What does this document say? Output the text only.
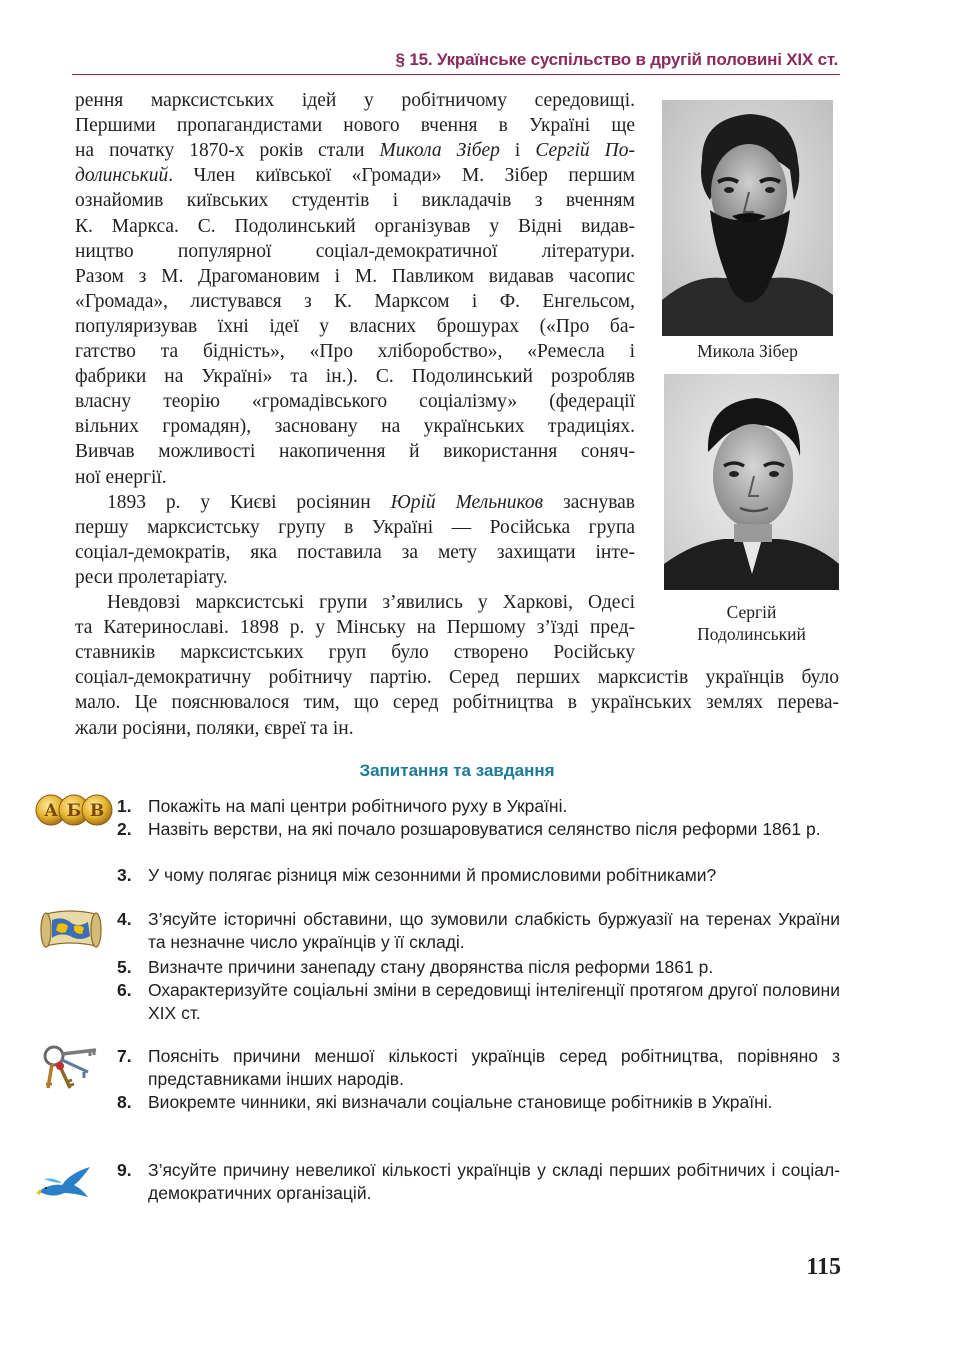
§ 15. Українське суспільство в другій половині XIX ст.
рення марксистських ідей у робітничому середовищі.
Першими пропагандистами нового вчення в Україні ще
на початку 1870-х років стали Микола Зібер і Сергій По-
долинський. Член київської «Громади» М. Зібер першим
ознайомив київських студентів і викладачів з вченням
К. Маркса. С. Подолинський організував у Відні видав-
ництво популярної соціал-демократичної літератури.
Разом з М. Драгомановим і М. Павликом видавав часопис
«Громада», листувався з К. Марксом і Ф. Енгельсом,
популяризував їхні ідеї у власних брошурах («Про ба-
гатство та бідність», «Про хліборобство», «Ремесла і
фабрики на Україні» та ін.). С. Подолинський розробляв
власну теорію «громадівського соціалізму» (федерації
вільних громадян), засновану на українських традиціях.
Вивчав можливості накопичення й використання соняч-
ної енергії.
1893 р. у Києві росіянин Юрій Мельников заснував
першу марксистську групу в Україні — Російська група
соціал-демократів, яка поставила за мету захищати інте-
реси пролетаріату.
Невдовзі марксистські групи з’явились у Харкові, Одесі
та Катеринославі. 1898 р. у Мінську на Першому з’їзді пред-
ставників марксистських груп було створено Російську
соціал-демократичну робітничу партію. Серед перших марксистів українців було
мало. Це пояснювалося тим, що серед робітництва в українських землях перева-
жали росіяни, поляки, євреї та ін.
Микола Зібер
Сергій
Подолинський
Запитання та завдання
А Б В 1. Покажіть на мапі центри робітничого руху в Україні.
2. Назвіть верстви, на які почало розшаровуватися селянство після реформи 1861 р.
3. У чому полягає різниця між сезонними й промисловими робітниками?
4. З’ясуйте історичні обставини, що зумовили слабкість буржуазії на теренах України та незначне число українців у її складі.
5. Визначте причини занепаду стану дворянства після реформи 1861 р.
6. Охарактеризуйте соціальні зміни в середовищі інтелігенції протягом другої половини XIX ст.
7. Поясніть причини меншої кількості українців серед робітництва, порівняно з представниками інших народів.
8. Виокремте чинники, які визначали соціальне становище робітників в Україні.
9. З’ясуйте причину невеликої кількості українців у складі перших робітничих і соціал-демократичних організацій.
115
